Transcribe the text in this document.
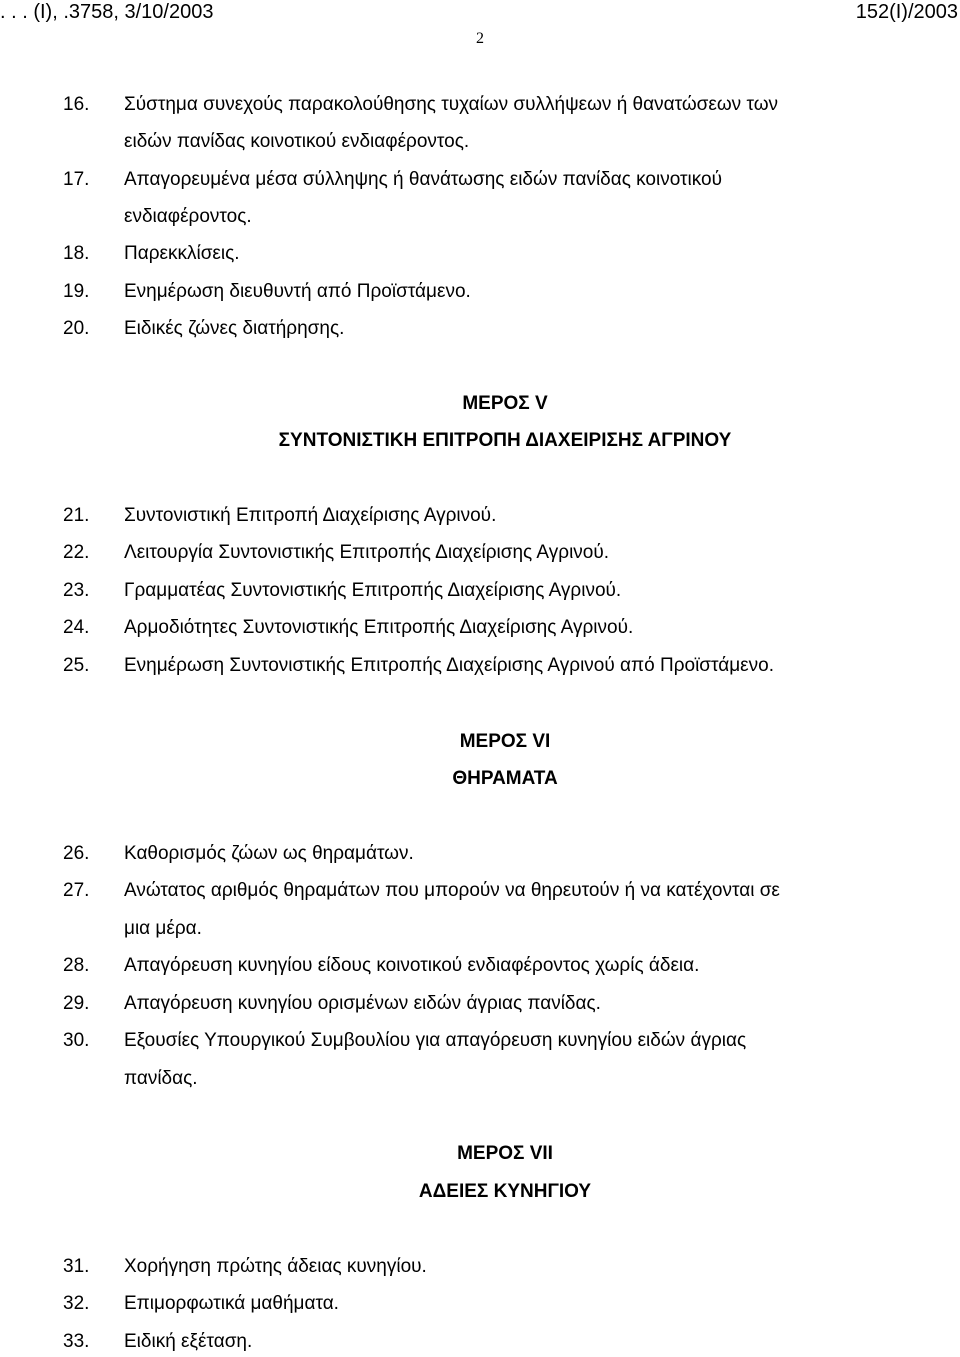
. . . (Ι), .3758, 3/10/2003	152(Ι)/2003
2
16. Σύστημα συνεχούς παρακολούθησης τυχαίων συλλήψεων ή θανατώσεων των
ειδών πανίδας κοινοτικού ενδιαφέροντος.
17. Απαγορευμένα μέσα σύλληψης ή θανάτωσης ειδών πανίδας κοινοτικού
ενδιαφέροντος.
18. Παρεκκλίσεις.
19. Ενημέρωση διευθυντή από Προϊστάμενο.
20. Ειδικές ζώνες διατήρησης.
ΜΕΡΟΣ V
ΣΥΝΤΟΝΙΣΤΙΚΗ ΕΠΙΤΡΟΠΗ ΔΙΑΧΕΙΡΙΣΗΣ ΑΓΡΙΝΟΥ
21. Συντονιστική Επιτροπή Διαχείρισης Αγρινού.
22. Λειτουργία Συντονιστικής Επιτροπής Διαχείρισης Αγρινού.
23. Γραμματέας Συντονιστικής Επιτροπής Διαχείρισης Αγρινού.
24. Αρμοδιότητες Συντονιστικής Επιτροπής Διαχείρισης Αγρινού.
25. Ενημέρωση Συντονιστικής Επιτροπής Διαχείρισης Αγρινού από Προϊστάμενο.
ΜΕΡΟΣ VI
ΘΗΡΑΜΑΤΑ
26. Καθορισμός ζώων ως θηραμάτων.
27. Ανώτατος αριθμός θηραμάτων που μπορούν να θηρευτούν ή να κατέχονται σε
μια μέρα.
28. Απαγόρευση κυνηγίου είδους κοινοτικού ενδιαφέροντος χωρίς άδεια.
29. Απαγόρευση κυνηγίου ορισμένων ειδών άγριας πανίδας.
30. Εξουσίες Υπουργικού Συμβουλίου για απαγόρευση κυνηγίου ειδών άγριας
πανίδας.
ΜΕΡΟΣ VII
ΑΔΕΙΕΣ ΚΥΝΗΓΙΟΥ
31. Χορήγηση πρώτης άδειας κυνηγίου.
32. Επιμορφωτικά μαθήματα.
33. Ειδική εξέταση.
